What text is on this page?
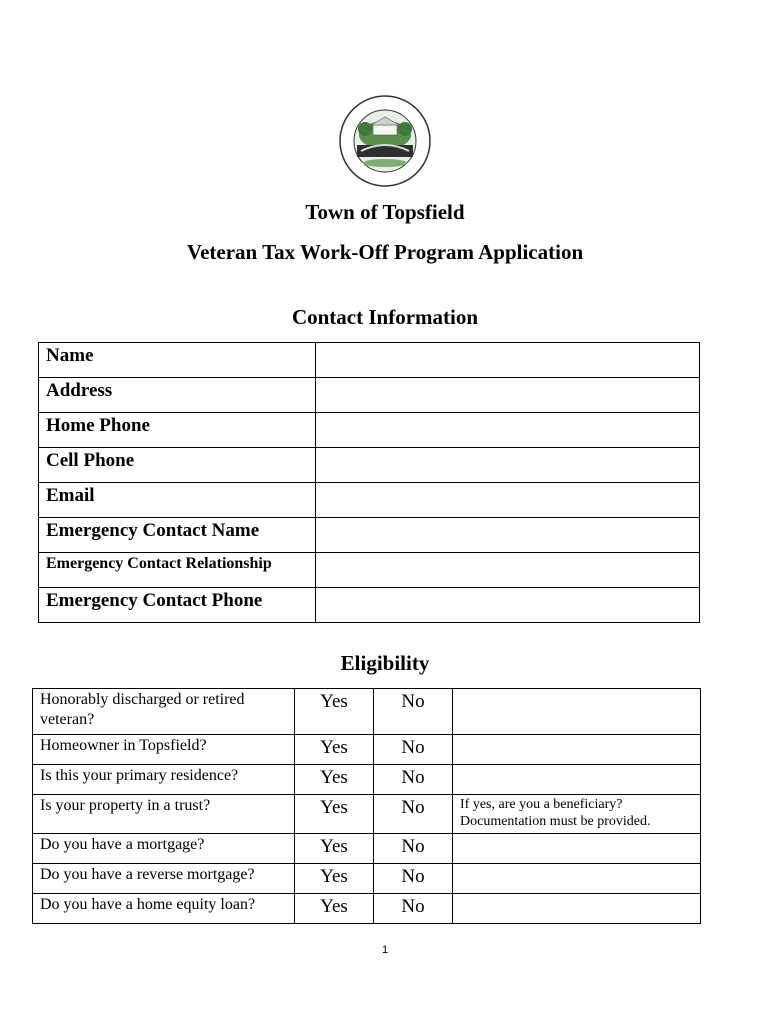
Town of Topsfield
Veteran Tax Work-Off Program Application
Contact Information
Name	

Address	

Home Phone	

Cell Phone	

Email	

Emergency Contact Name	

Emergency Contact Relationship	

Emergency Contact Phone	

Eligibility
Honorably discharged or retired veteran?	Yes	No	
Homeowner in Topsfield?	Yes	No	
Is this your primary residence?	Yes	No	
Is your property in a trust?	Yes	No	If yes, are you a beneficiary? Documentation must be provided.
Do you have a mortgage?	Yes	No	
Do you have a reverse mortgage?	Yes	No	
Do you have a home equity loan?	Yes	No	
1
